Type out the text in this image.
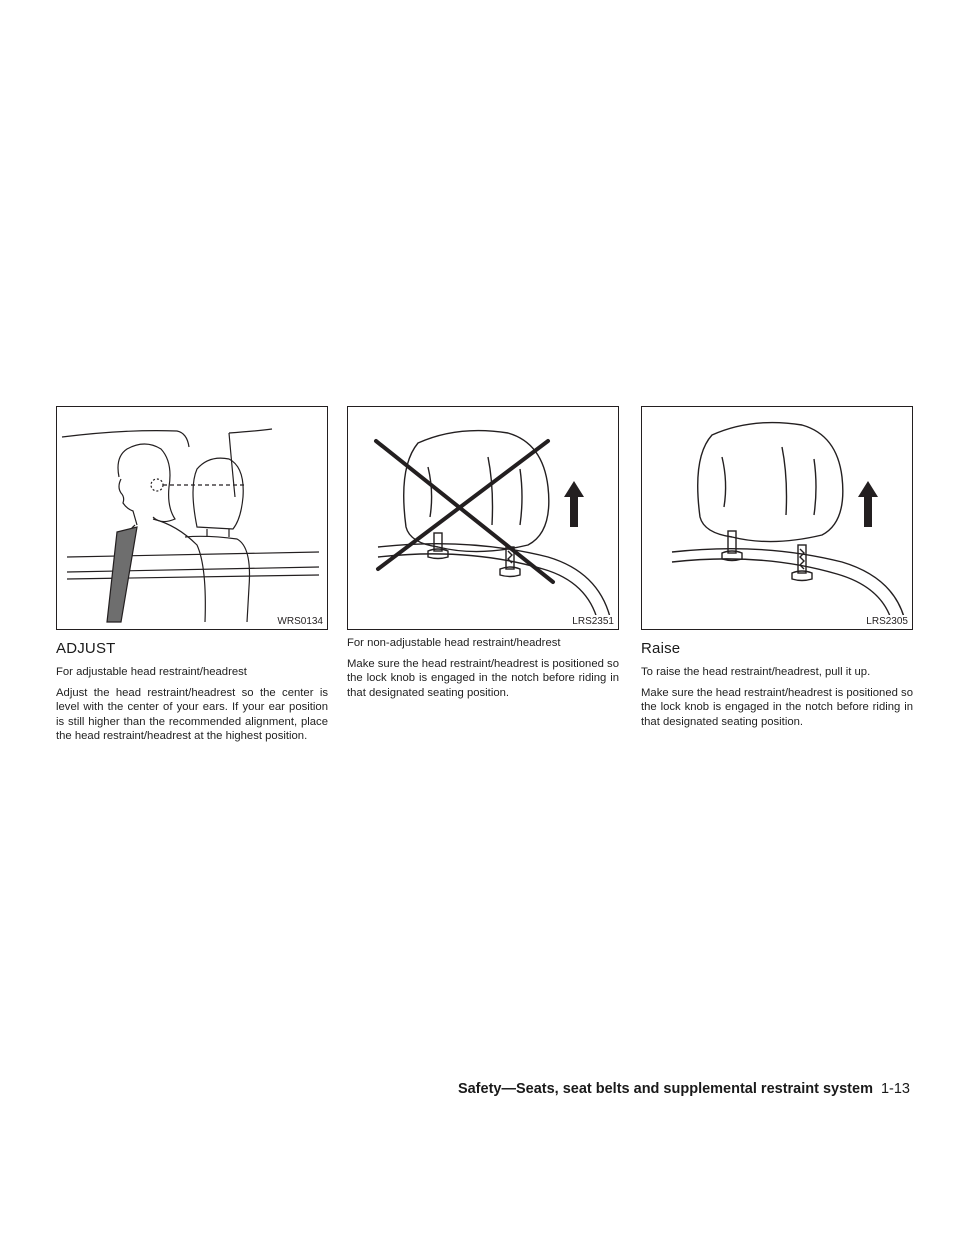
WRS0134
ADJUST

For adjustable head restraint/headrest

Adjust the head restraint/headrest so the center is level with the center of your ears. If your ear position is still higher than the recommended alignment, place the head restraint/headrest at the highest position.

LRS2351

For non-adjustable head restraint/headrest

Make sure the head restraint/headrest is positioned so the lock knob is engaged in the notch before riding in that designated seating position.

LRS2305
Raise

To raise the head restraint/headrest, pull it up.

Make sure the head restraint/headrest is positioned so the lock knob is engaged in the notch before riding in that designated seating position.

Safety—Seats, seat belts and supplemental restraint system 1-13
